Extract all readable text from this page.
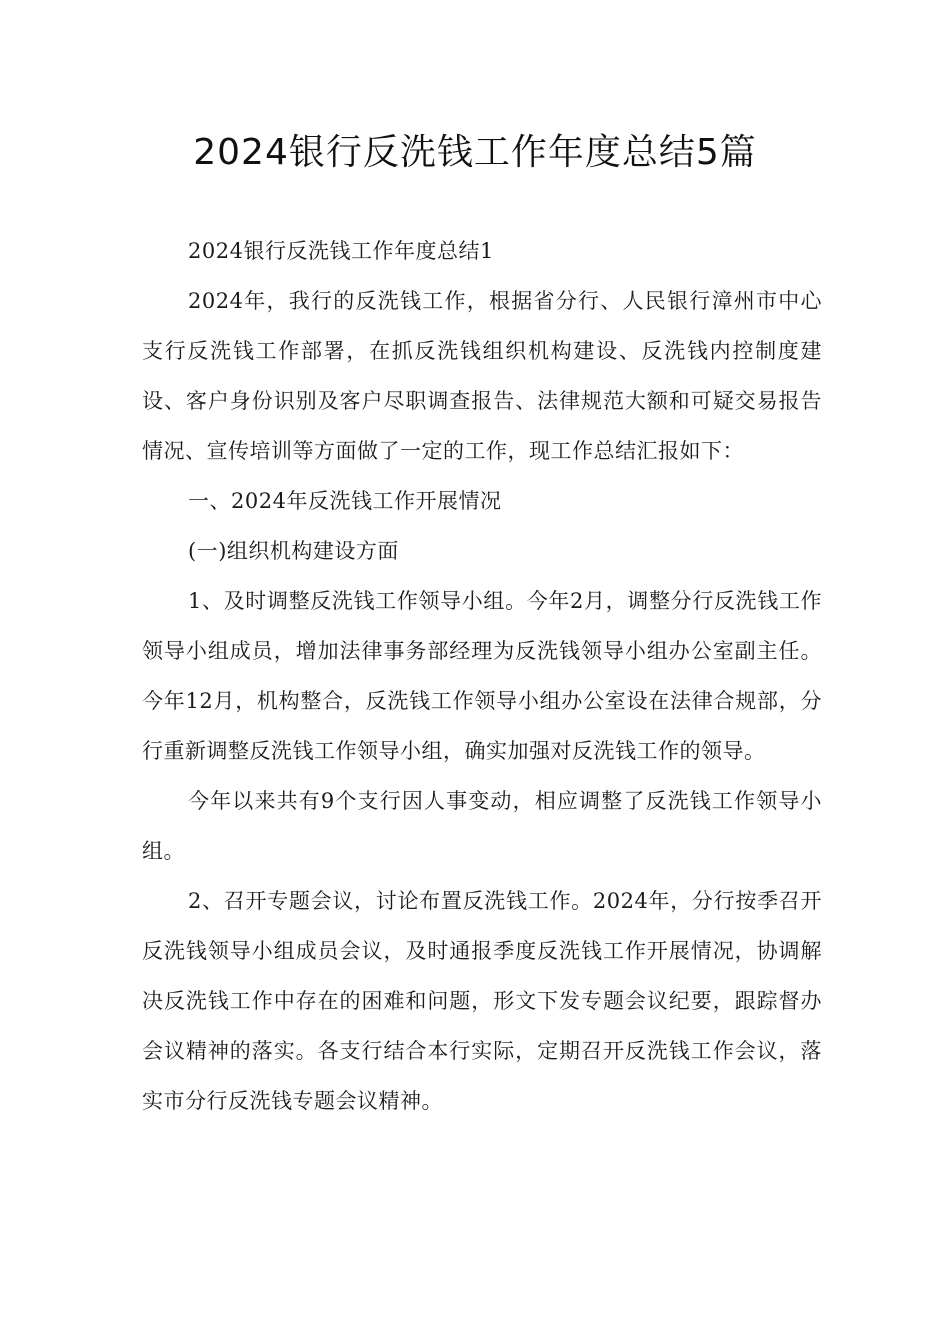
2024银行反洗钱工作年度总结5篇

2024银行反洗钱工作年度总结1

2024年，我行的反洗钱工作，根据省分行、人民银行漳州市中心支行反洗钱工作部署，在抓反洗钱组织机构建设、反洗钱内控制度建设、客户身份识别及客户尽职调查报告、法律规范大额和可疑交易报告情况、宣传培训等方面做了一定的工作，现工作总结汇报如下：

一、2024年反洗钱工作开展情况

(一)组织机构建设方面

1、及时调整反洗钱工作领导小组。今年2月，调整分行反洗钱工作领导小组成员，增加法律事务部经理为反洗钱领导小组办公室副主任。今年12月，机构整合，反洗钱工作领导小组办公室设在法律合规部，分行重新调整反洗钱工作领导小组，确实加强对反洗钱工作的领导。

今年以来共有9个支行因人事变动，相应调整了反洗钱工作领导小组。

2、召开专题会议，讨论布置反洗钱工作。2024年，分行按季召开反洗钱领导小组成员会议，及时通报季度反洗钱工作开展情况，协调解决反洗钱工作中存在的困难和问题，形文下发专题会议纪要，跟踪督办会议精神的落实。各支行结合本行实际，定期召开反洗钱工作会议，落实市分行反洗钱专题会议精神。
